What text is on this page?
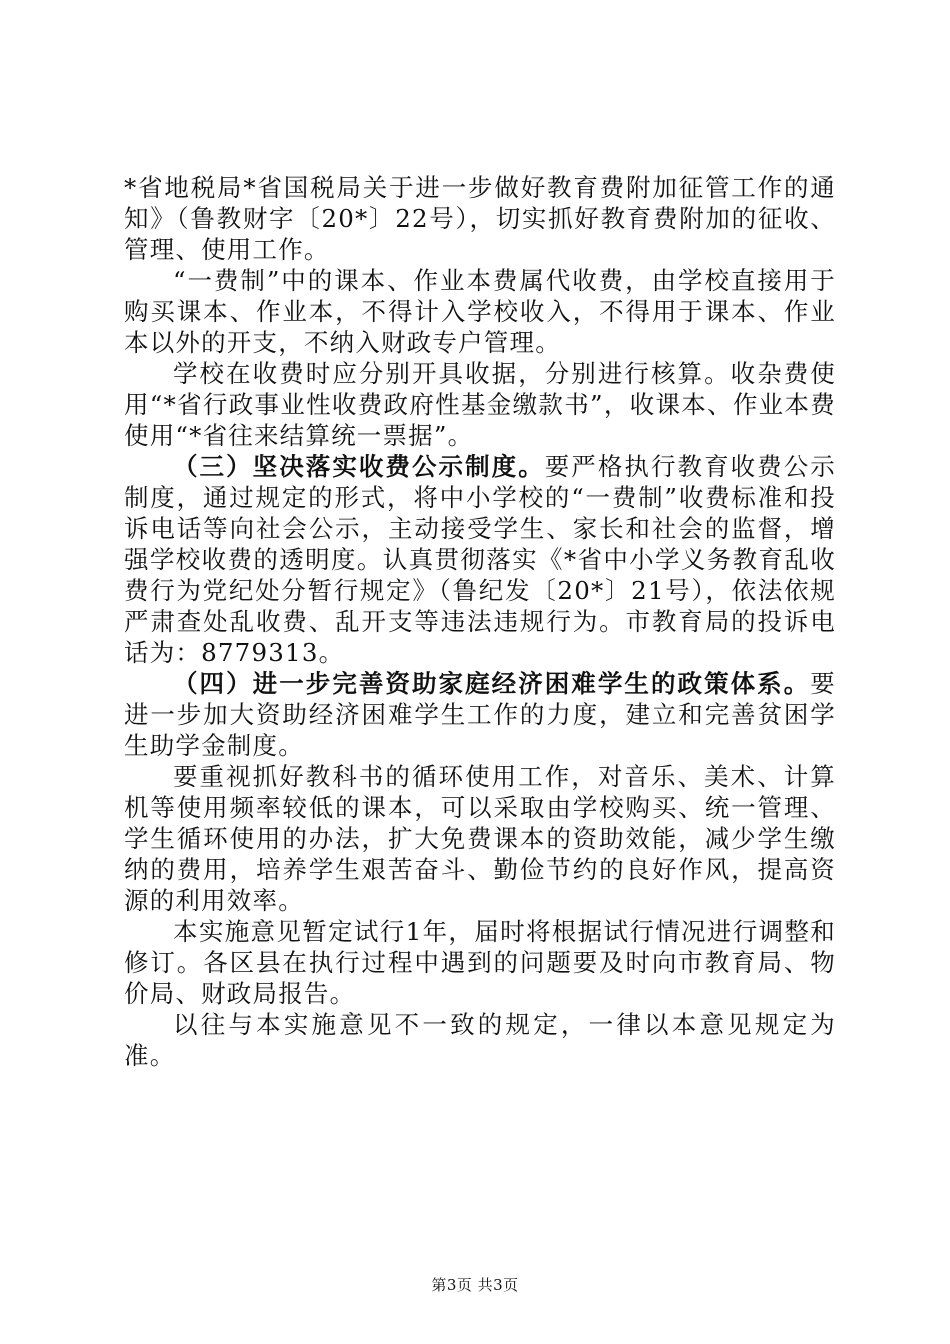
*省地税局*省国税局关于进一步做好教育费附加征管工作的通知》（鲁教财字〔20*〕22号），切实抓好教育费附加的征收、管理、使用工作。

“一费制”中的课本、作业本费属代收费，由学校直接用于购买课本、作业本，不得计入学校收入，不得用于课本、作业本以外的开支，不纳入财政专户管理。

学校在收费时应分别开具收据，分别进行核算。收杂费使用“*省行政事业性收费政府性基金缴款书”，收课本、作业本费使用“*省往来结算统一票据”。

（三）坚决落实收费公示制度。要严格执行教育收费公示制度，通过规定的形式，将中小学校的“一费制”收费标准和投诉电话等向社会公示，主动接受学生、家长和社会的监督，增强学校收费的透明度。认真贯彻落实《*省中小学义务教育乱收费行为党纪处分暂行规定》（鲁纪发〔20*〕21号），依法依规严肃查处乱收费、乱开支等违法违规行为。市教育局的投诉电话为：8779313。

（四）进一步完善资助家庭经济困难学生的政策体系。要进一步加大资助经济困难学生工作的力度，建立和完善贫困学生助学金制度。

要重视抓好教科书的循环使用工作，对音乐、美术、计算机等使用频率较低的课本，可以采取由学校购买、统一管理、学生循环使用的办法，扩大免费课本的资助效能，减少学生缴纳的费用，培养学生艰苦奋斗、勤俭节约的良好作风，提高资源的利用效率。

本实施意见暂定试行1年，届时将根据试行情况进行调整和修订。各区县在执行过程中遇到的问题要及时向市教育局、物价局、财政局报告。

以往与本实施意见不一致的规定，一律以本意见规定为准。

第3页 共3页
